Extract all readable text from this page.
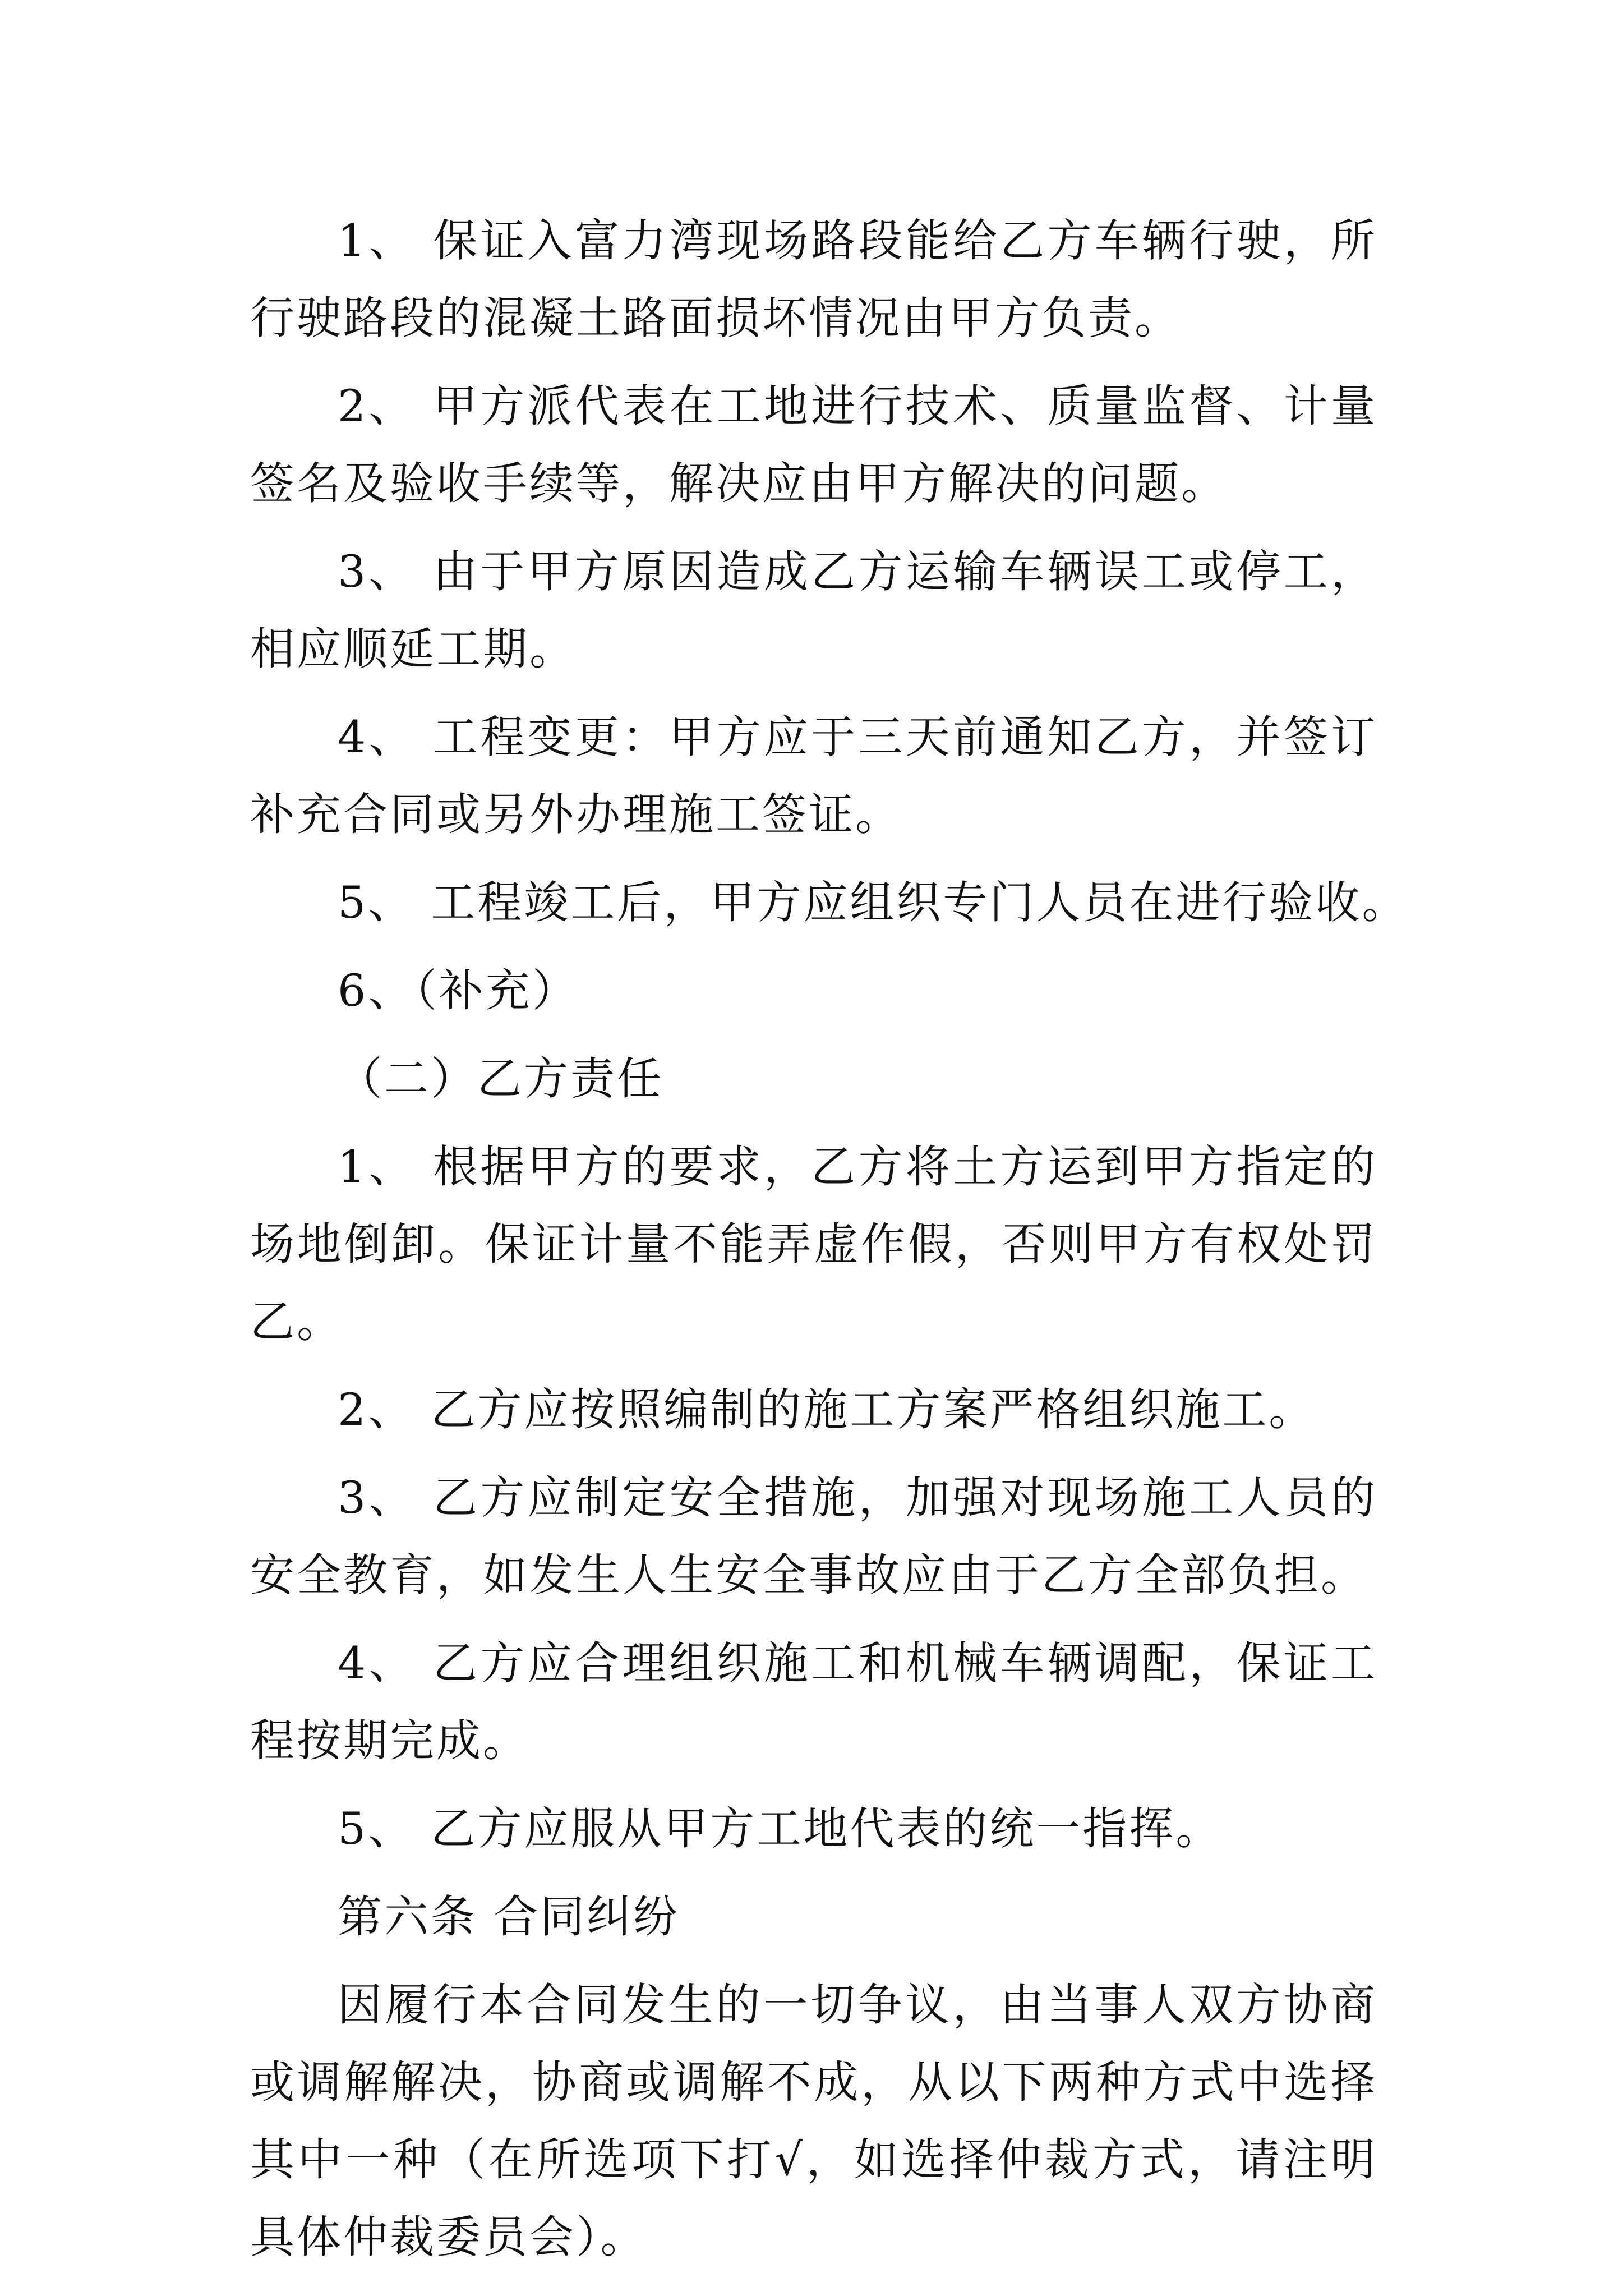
1、 保证入富力湾现场路段能给乙方车辆行驶，所行驶路段的混凝土路面损坏情况由甲方负责。

2、 甲方派代表在工地进行技术、质量监督、计量签名及验收手续等，解决应由甲方解决的问题。

3、 由于甲方原因造成乙方运输车辆误工或停工，相应顺延工期。

4、 工程变更：甲方应于三天前通知乙方，并签订补充合同或另外办理施工签证。

5、 工程竣工后，甲方应组织专门人员在进行验收。

6、（补充）

（二）乙方责任

1、 根据甲方的要求，乙方将土方运到甲方指定的场地倒卸。保证计量不能弄虚作假，否则甲方有权处罚乙。

2、 乙方应按照编制的施工方案严格组织施工。

3、 乙方应制定安全措施，加强对现场施工人员的安全教育，如发生人生安全事故应由于乙方全部负担。

4、 乙方应合理组织施工和机械车辆调配，保证工程按期完成。

5、 乙方应服从甲方工地代表的统一指挥。

第六条 合同纠纷

因履行本合同发生的一切争议，由当事人双方协商或调解解决，协商或调解不成，从以下两种方式中选择其中一种（在所选项下打√，如选择仲裁方式，请注明具体仲裁委员会）。
